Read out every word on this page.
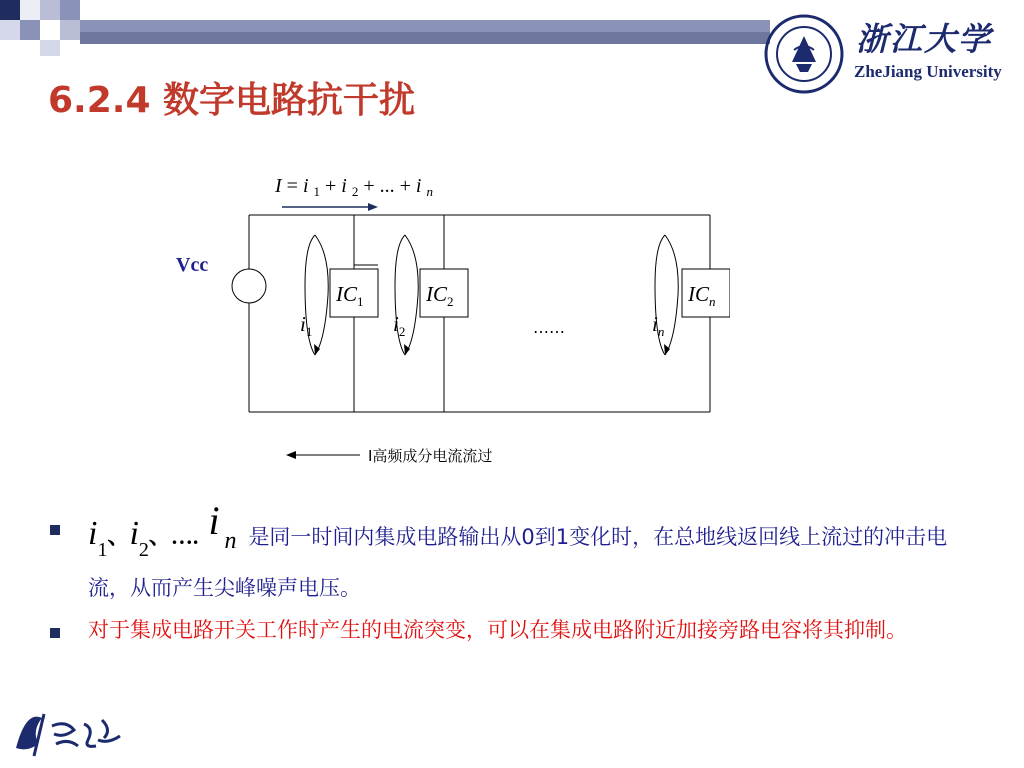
6.2.4 数字电路抗干扰
浙江大学
ZheJiang University
I = i $_1$ + i $_2$ + ... + i $_n$
Vcc
$IC_1$	$IC_2$	$IC_n$
$i_1$	$i_2$	$i_n$
……
I高频成分电流流过
$i_1$、$i_2$、…. i n 是同一时间内集成电路输出从0到1变化时，在总地线返回线上流过的冲击电流，从而产生尖峰噪声电压。
对于集成电路开关工作时产生的电流突变，可以在集成电路附近加接旁路电容将其抑制。
